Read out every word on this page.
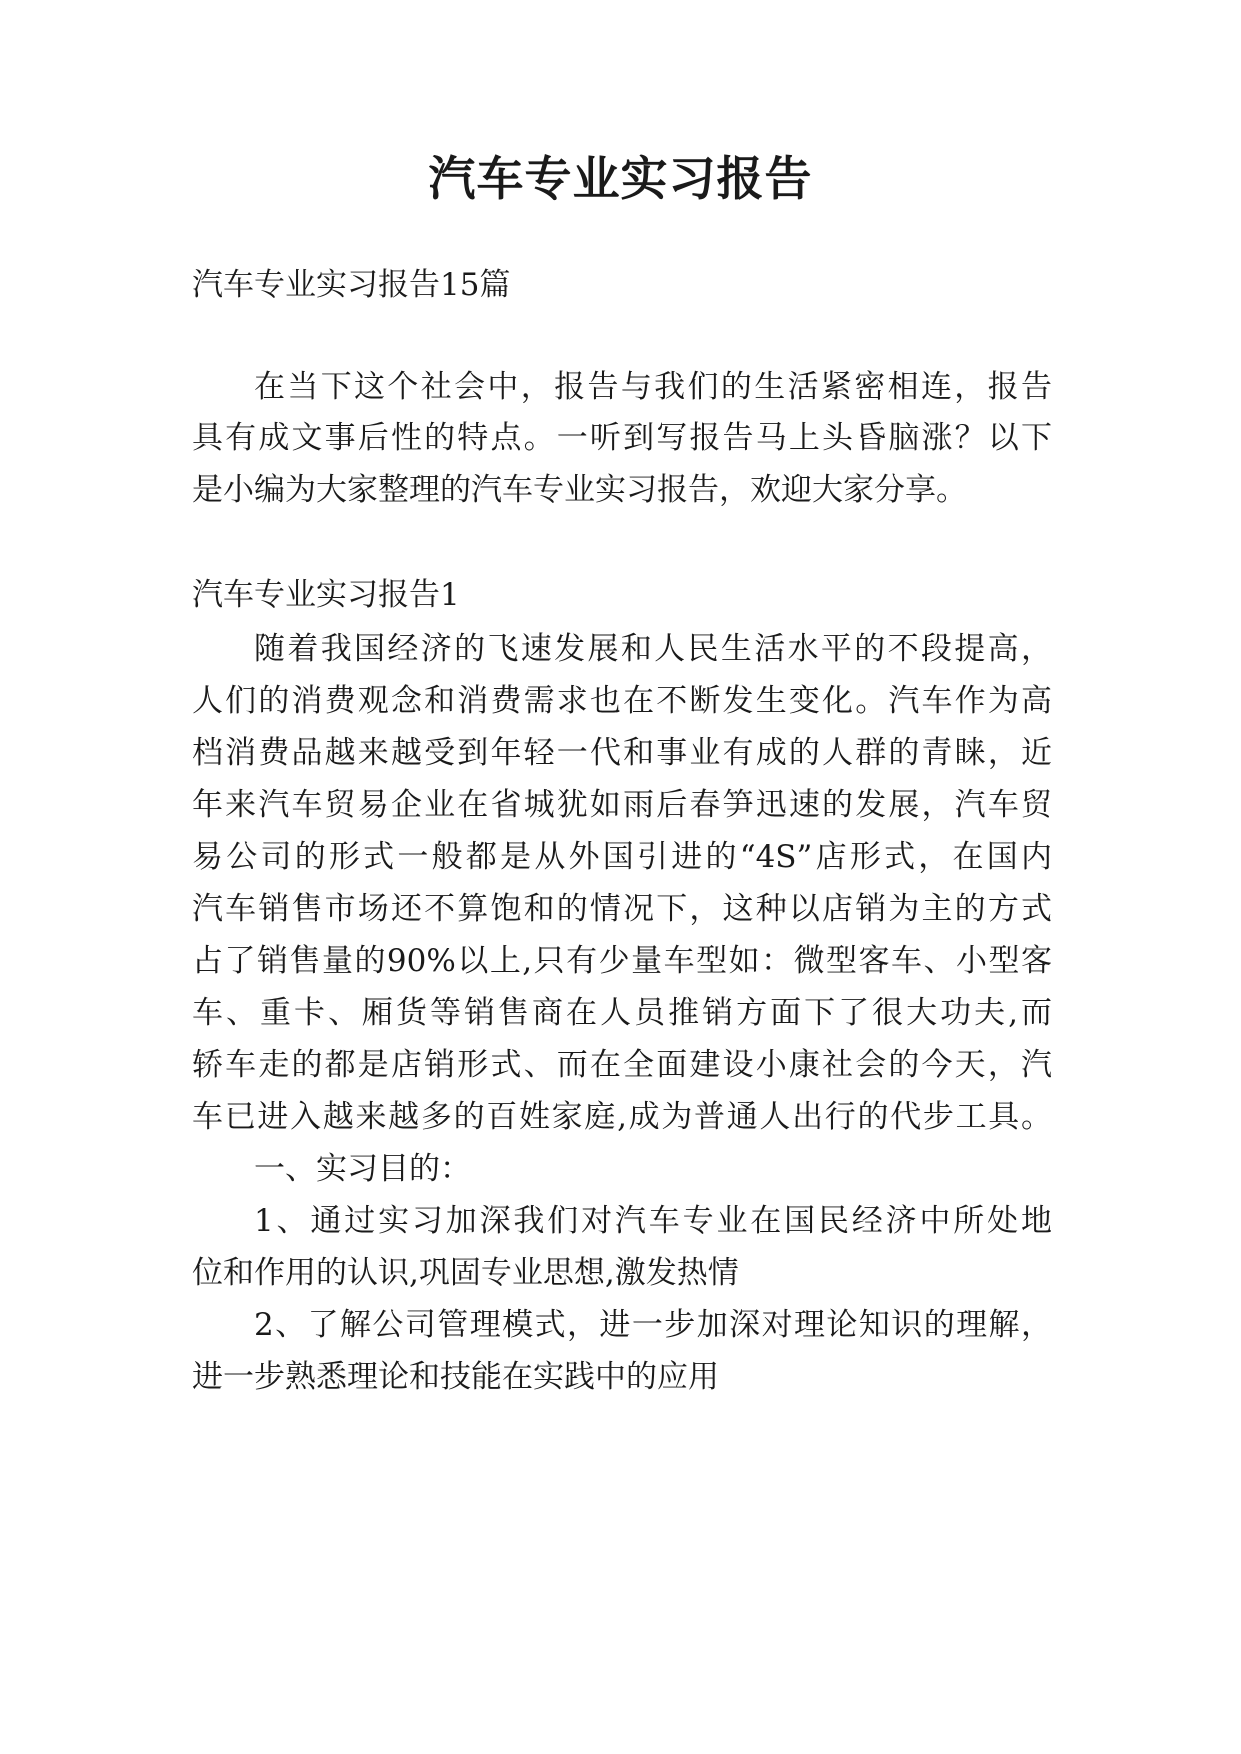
汽车专业实习报告

汽车专业实习报告15篇

在当下这个社会中，报告与我们的生活紧密相连，报告

具有成文事后性的特点。一听到写报告马上头昏脑涨？以下

是小编为大家整理的汽车专业实习报告，欢迎大家分享。

汽车专业实习报告1

随着我国经济的飞速发展和人民生活水平的不段提高，

人们的消费观念和消费需求也在不断发生变化。汽车作为高

档消费品越来越受到年轻一代和事业有成的人群的青睐，近

年来汽车贸易企业在省城犹如雨后春笋迅速的发展，汽车贸

易公司的形式一般都是从外国引进的“4S”店形式，在国内

汽车销售市场还不算饱和的情况下，这种以店销为主的方式

占了销售量的90%以上,只有少量车型如：微型客车、小型客

车、重卡、厢货等销售商在人员推销方面下了很大功夫,而

轿车走的都是店销形式、而在全面建设小康社会的今天，汽

车已进入越来越多的百姓家庭,成为普通人出行的代步工具。

一、实习目的：

1、通过实习加深我们对汽车专业在国民经济中所处地

位和作用的认识,巩固专业思想,激发热情

2、了解公司管理模式，进一步加深对理论知识的理解，

进一步熟悉理论和技能在实践中的应用
